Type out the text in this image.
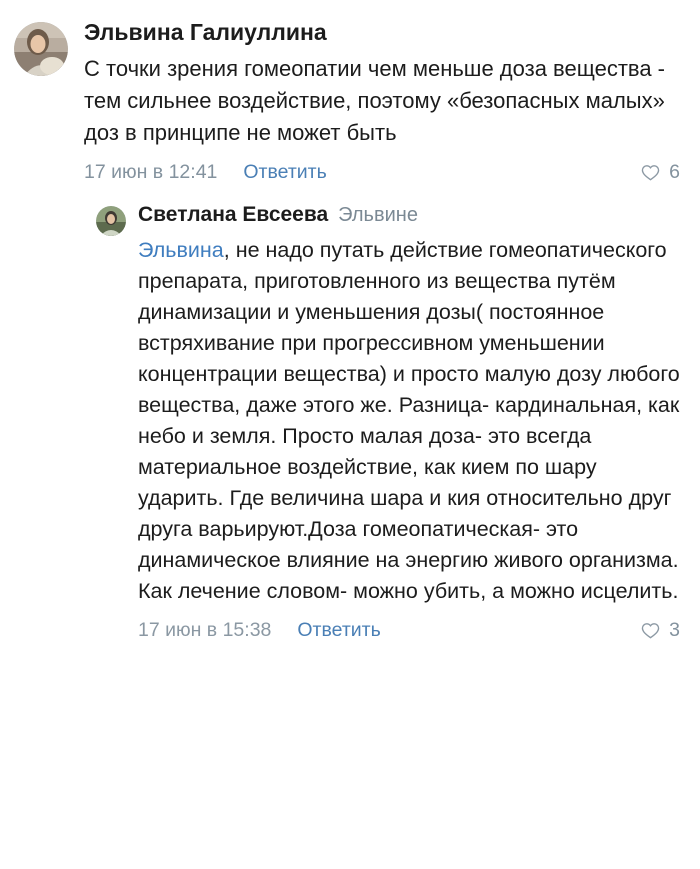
Эльвина Галиуллина
С точки зрения гомеопатии чем меньше доза вещества - тем сильнее воздействие, поэтому «безопасных малых» доз в принципе не может быть
17 июн в 12:41 Ответить	6
Светлана Евсеева Эльвине
Эльвина, не надо путать действие гомеопатического препарата, приготовленного из вещества путём динамизации и уменьшения дозы( постоянное встряхивание при прогрессивном уменьшении концентрации вещества) и просто малую дозу любого вещества, даже этого же. Разница- кардинальная, как небо и земля. Просто малая доза- это всегда материальное воздействие, как кием по шару ударить. Где величина шара и кия относительно друг друга варьируют.Доза гомеопатическая- это динамическое влияние на энергию живого организма. Как лечение словом- можно убить, а можно исцелить.
17 июн в 15:38 Ответить	3
